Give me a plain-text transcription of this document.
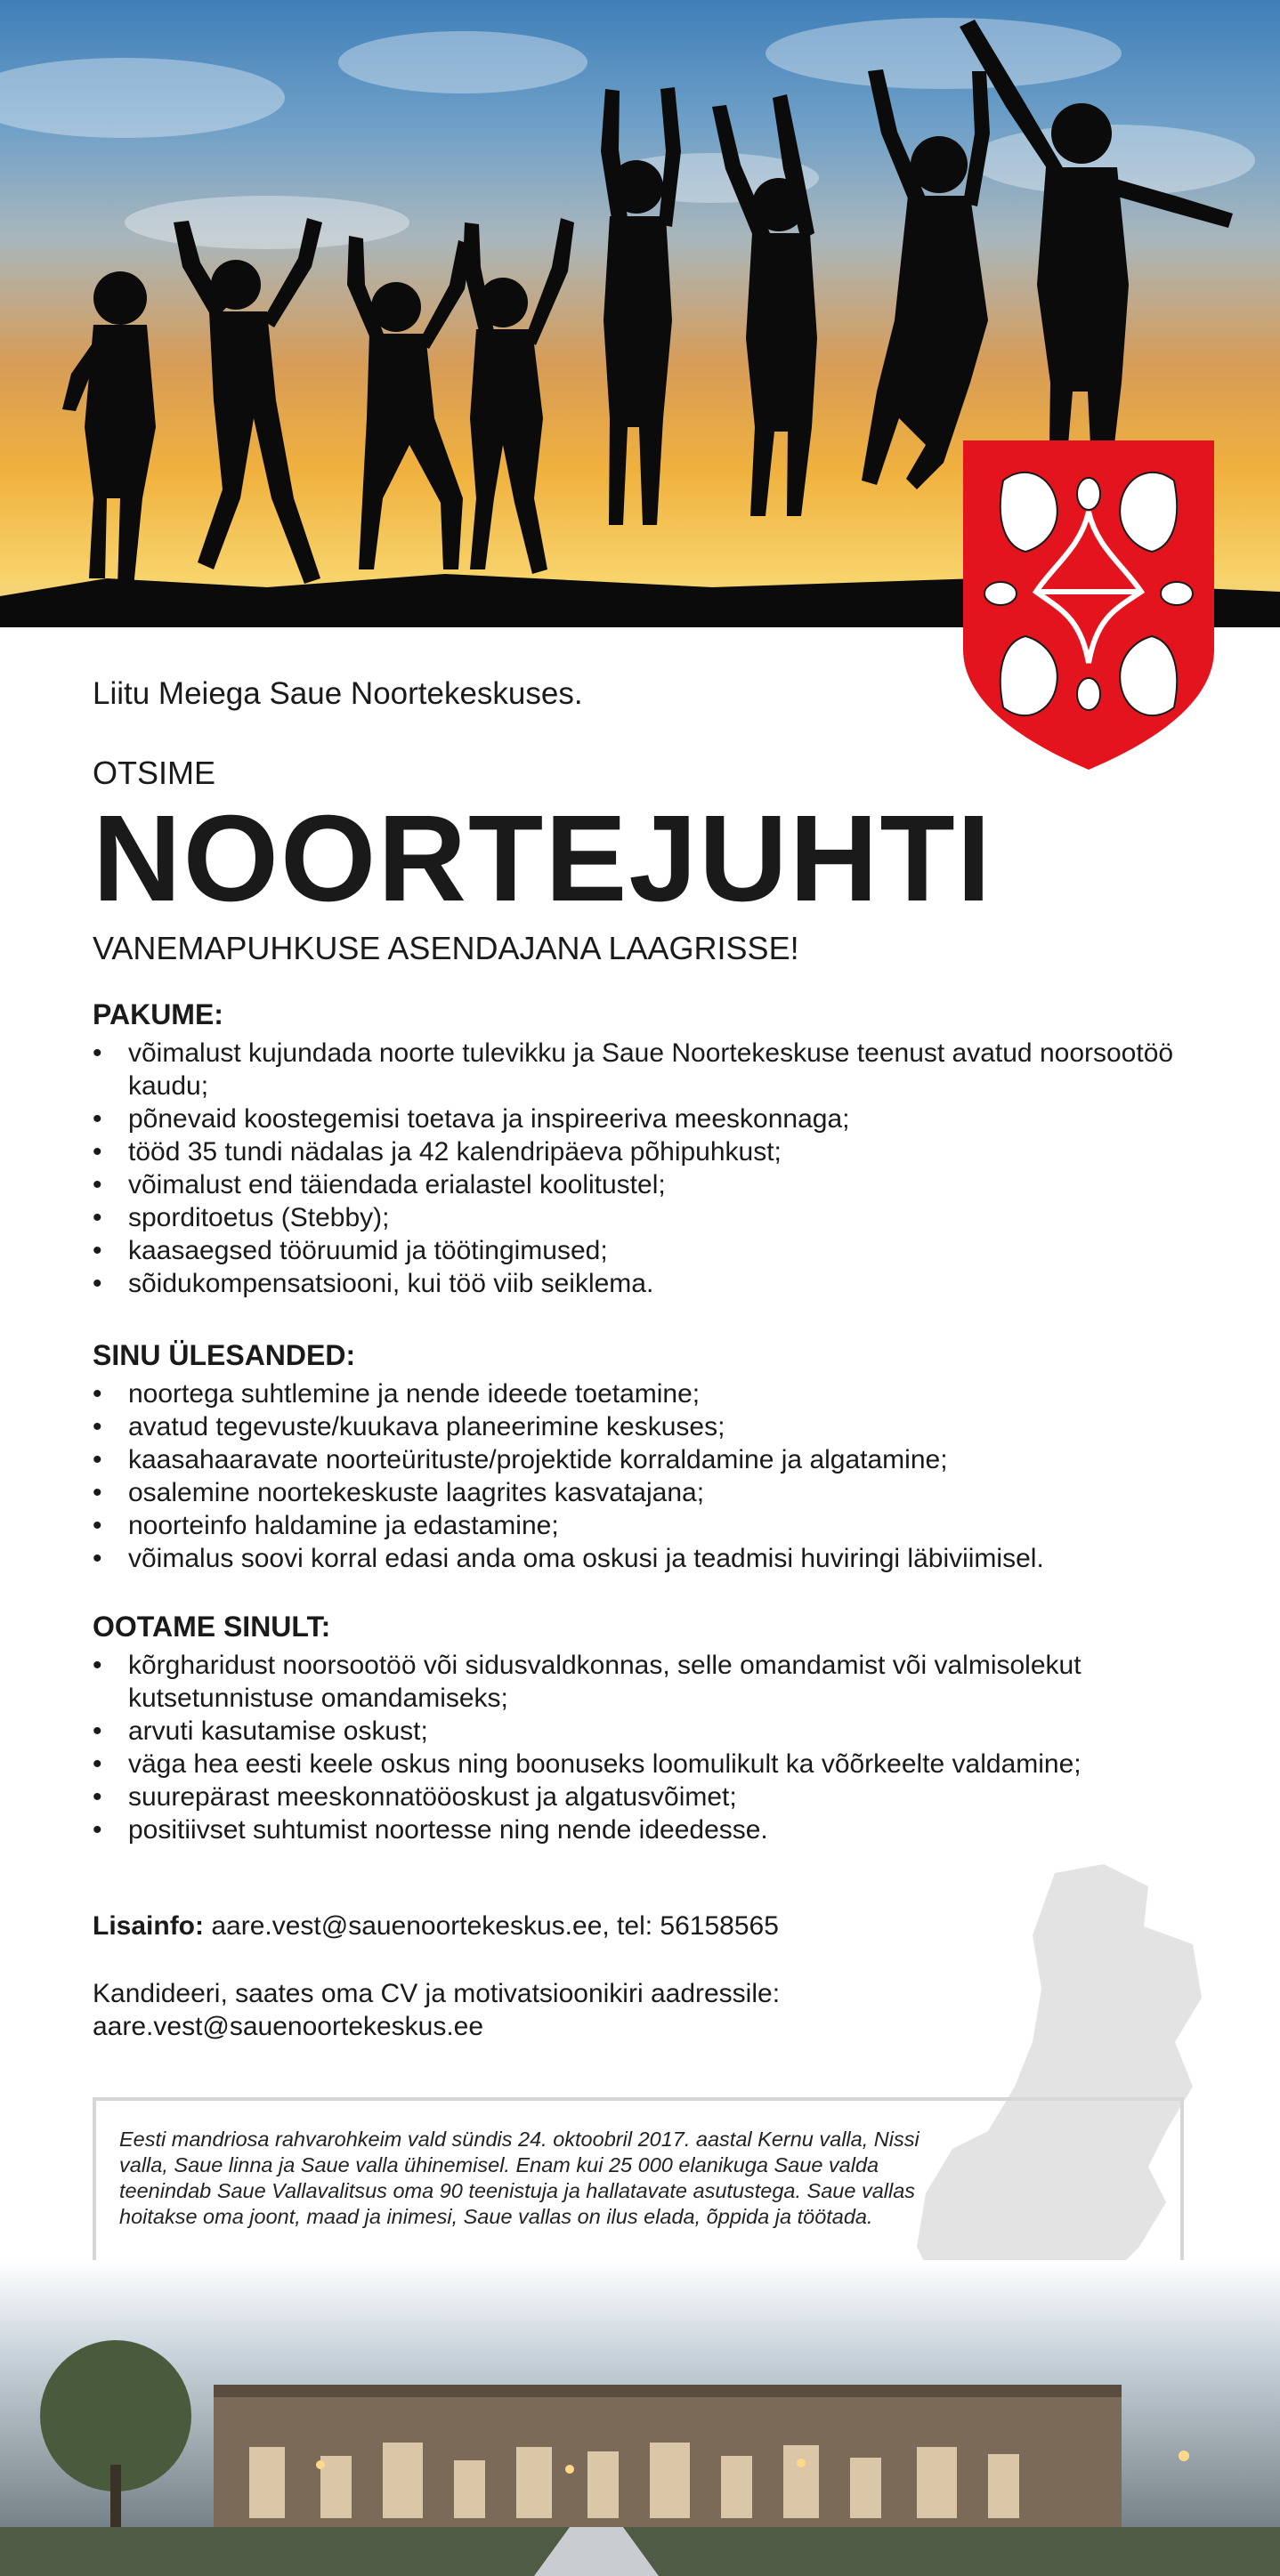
Liitu Meiega Saue Noortekeskuses.
OTSIME
NOORTEJUHTI
VANEMAPUHKUSE ASENDAJANA LAAGRISSE!
PAKUME:
• võimalust kujundada noorte tulevikku ja Saue Noortekeskuse teenust avatud noorsootöö kaudu;
• põnevaid koostegemisi toetava ja inspireeriva meeskonnaga;
• tööd 35 tundi nädalas ja 42 kalendripäeva põhipuhkust;
• võimalust end täiendada erialastel koolitustel;
• sporditoetus (Stebby);
• kaasaegsed tööruumid ja töötingimused;
• sõidukompensatsiooni, kui töö viib seiklema.
SINU ÜLESANDED:
• noortega suhtlemine ja nende ideede toetamine;
• avatud tegevuste/kuukava planeerimine keskuses;
• kaasahaaravate noorteürituste/projektide korraldamine ja algatamine;
• osalemine noortekeskuste laagrites kasvatajana;
• noorteinfo haldamine ja edastamine;
• võimalus soovi korral edasi anda oma oskusi ja teadmisi huviringi läbiviimisel.
OOTAME SINULT:
• kõrgharidust noorsootöö või sidusvaldkonnas, selle omandamist või valmisolekut kutsetunnistuse omandamiseks;
• arvuti kasutamise oskust;
• väga hea eesti keele oskus ning boonuseks loomulikult ka võõrkeelte valdamine;
• suurepärast meeskonnatööoskust ja algatusvõimet;
• positiivset suhtumist noortesse ning nende ideedesse.
Lisainfo: aare.vest@sauenoortekeskus.ee, tel: 56158565
Kandideeri, saates oma CV ja motivatsioonikiri aadressile:
aare.vest@sauenoortekeskus.ee
Eesti mandriosa rahvarohkeim vald sündis 24. oktoobril 2017. aastal Kernu valla, Nissi valla, Saue linna ja Saue valla ühinemisel. Enam kui 25 000 elanikuga Saue valda teenindab Saue Vallavalitsus oma 90 teenistuja ja hallatavate asutustega. Saue vallas hoitakse oma joont, maad ja inimesi, Saue vallas on ilus elada, õppida ja töötada.
